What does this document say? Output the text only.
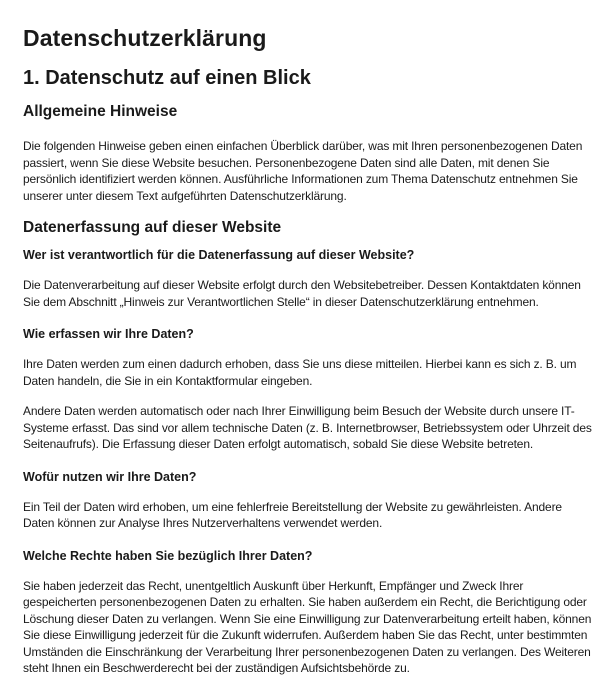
Datenschutzerklärung
1. Datenschutz auf einen Blick
Allgemeine Hinweise

Die folgenden Hinweise geben einen einfachen Überblick darüber, was mit Ihren personenbezogenen Daten passiert, wenn Sie diese Website besuchen. Personenbezogene Daten sind alle Daten, mit denen Sie persönlich identifiziert werden können. Ausführliche Informationen zum Thema Datenschutz entnehmen Sie unserer unter diesem Text aufgeführten Datenschutzerklärung.

Datenerfassung auf dieser Website
Wer ist verantwortlich für die Datenerfassung auf dieser Website?

Die Datenverarbeitung auf dieser Website erfolgt durch den Websitebetreiber. Dessen Kontaktdaten können Sie dem Abschnitt „Hinweis zur Verantwortlichen Stelle“ in dieser Datenschutzerklärung entnehmen.

Wie erfassen wir Ihre Daten?

Ihre Daten werden zum einen dadurch erhoben, dass Sie uns diese mitteilen. Hierbei kann es sich z. B. um Daten handeln, die Sie in ein Kontaktformular eingeben.

Andere Daten werden automatisch oder nach Ihrer Einwilligung beim Besuch der Website durch unsere IT-Systeme erfasst. Das sind vor allem technische Daten (z. B. Internetbrowser, Betriebssystem oder Uhrzeit des Seitenaufrufs). Die Erfassung dieser Daten erfolgt automatisch, sobald Sie diese Website betreten.

Wofür nutzen wir Ihre Daten?

Ein Teil der Daten wird erhoben, um eine fehlerfreie Bereitstellung der Website zu gewährleisten. Andere Daten können zur Analyse Ihres Nutzerverhaltens verwendet werden.

Welche Rechte haben Sie bezüglich Ihrer Daten?

Sie haben jederzeit das Recht, unentgeltlich Auskunft über Herkunft, Empfänger und Zweck Ihrer gespeicherten personenbezogenen Daten zu erhalten. Sie haben außerdem ein Recht, die Berichtigung oder Löschung dieser Daten zu verlangen. Wenn Sie eine Einwilligung zur Datenverarbeitung erteilt haben, können Sie diese Einwilligung jederzeit für die Zukunft widerrufen. Außerdem haben Sie das Recht, unter bestimmten Umständen die Einschränkung der Verarbeitung Ihrer personenbezogenen Daten zu verlangen. Des Weiteren steht Ihnen ein Beschwerderecht bei der zuständigen Aufsichtsbehörde zu.
